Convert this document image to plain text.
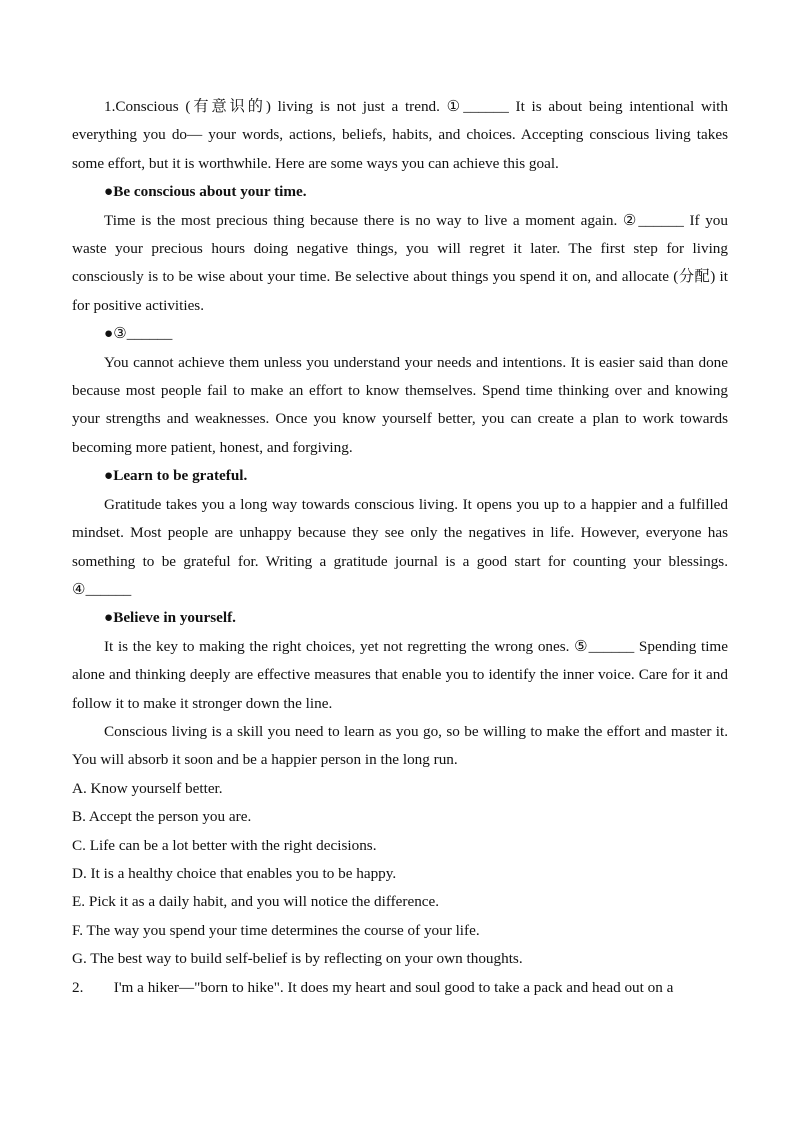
1.Conscious (有意识的) living is not just a trend. ①______ It is about being intentional with everything you do— your words, actions, beliefs, habits, and choices. Accepting conscious living takes some effort, but it is worthwhile. Here are some ways you can achieve this goal.
●Be conscious about your time.
Time is the most precious thing because there is no way to live a moment again. ②______ If you waste your precious hours doing negative things, you will regret it later. The first step for living consciously is to be wise about your time. Be selective about things you spend it on, and allocate (分配) it for positive activities.
●③______
You cannot achieve them unless you understand your needs and intentions. It is easier said than done because most people fail to make an effort to know themselves. Spend time thinking over and knowing your strengths and weaknesses. Once you know yourself better, you can create a plan to work towards becoming more patient, honest, and forgiving.
●Learn to be grateful.
Gratitude takes you a long way towards conscious living. It opens you up to a happier and a fulfilled mindset. Most people are unhappy because they see only the negatives in life. However, everyone has something to be grateful for. Writing a gratitude journal is a good start for counting your blessings. ④______
●Believe in yourself.
It is the key to making the right choices, yet not regretting the wrong ones. ⑤______ Spending time alone and thinking deeply are effective measures that enable you to identify the inner voice. Care for it and follow it to make it stronger down the line.
Conscious living is a skill you need to learn as you go, so be willing to make the effort and master it. You will absorb it soon and be a happier person in the long run.
A. Know yourself better.
B. Accept the person you are.
C. Life can be a lot better with the right decisions.
D. It is a healthy choice that enables you to be happy.
E. Pick it as a daily habit, and you will notice the difference.
F. The way you spend your time determines the course of your life.
G. The best way to build self-belief is by reflecting on your own thoughts.
2. I'm a hiker—"born to hike". It does my heart and soul good to take a pack and head out on a
